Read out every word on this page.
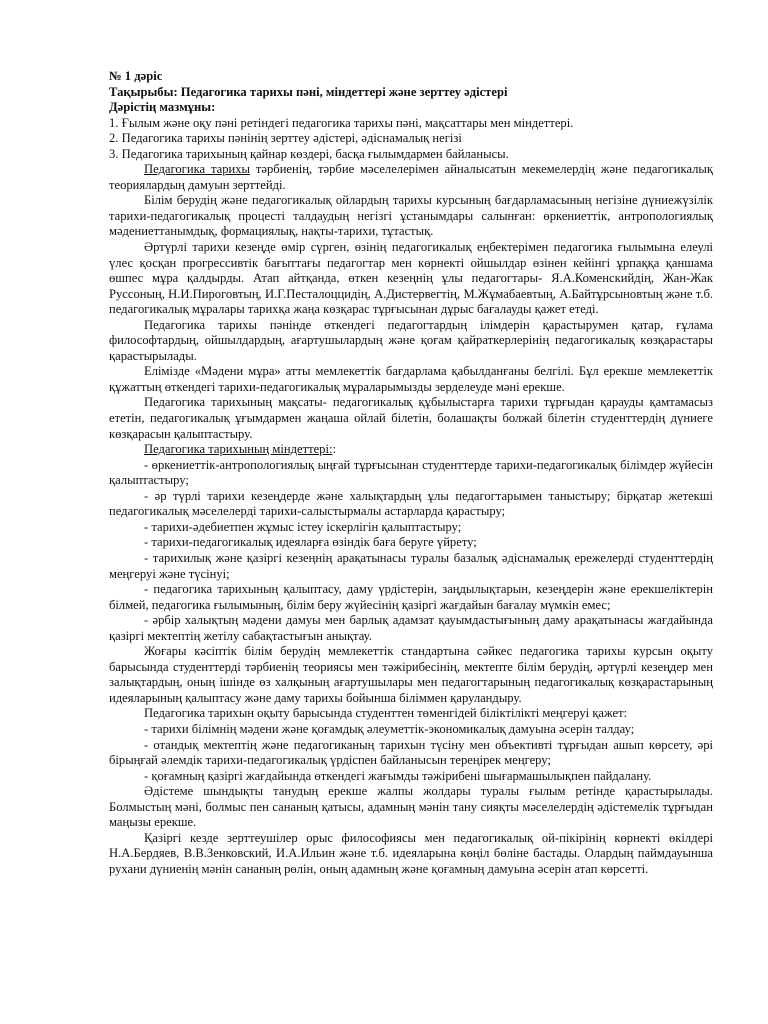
№ 1 дәріс

Тақырыбы: Педагогика тарихы пәні, міндеттері және зерттеу әдістері

Дәрістің мазмұны:

1. Ғылым және оқу пәні ретіндегі педагогика тарихы пәні, мақсаттары мен міндеттері.

2. Педагогика тарихы пәнінің зерттеу әдістері, әдіснамалық негізі

3. Педагогика тарихының қайнар көздері, басқа ғылымдармен байланысы.

Педагогика тарихы тәрбиенің, тәрбие мәселелерімен айналысатын мекемелердің және педагогикалық теориялардың дамуын зерттейді.

Білім берудің және педагогикалық ойлардың тарихы курсының бағдарламасының негізіне дүниежүзілік тарихи-педагогикалық процесті талдаудың негізгі ұстанымдары салынған: өркениеттік, антропологиялық мәдениеттанымдық, формациялық, нақты-тарихи, тұтастық.

Әртүрлі тарихи кезеңде өмір сүрген, өзінің педагогикалық еңбектерімен педагогика ғылымына елеулі үлес қосқан прогрессивтік бағыттағы педагогтар мен көрнекті ойшылдар өзінен кейінгі ұрпаққа қаншама өшпес мұра қалдырды. Атап айтқанда, өткен кезеңнің ұлы педагогтары- Я.А.Коменскийдің, Жан-Жак Руссоның, Н.И.Пироговтың, И.Г.Песталоццидің, А.Дистервегтің, М.Жұмабаевтың, А.Байтұрсыновтың және т.б. педагогикалық мұралары тарихқа жаңа көзқарас тұрғысынан дұрыс бағалауды қажет етеді.

Педагогика тарихы пәнінде өткендегі педагогтардың ілімдерін қарастырумен қатар, ғұлама философтардың, ойшылдардың, ағартушылардың және қоғам қайраткерлерінің педагогикалық көзқарастары қарастырылады.

Елімізде «Мәдени мұра» атты мемлекеттік бағдарлама қабылданғаны белгілі. Бұл ерекше мемлекеттік құжаттың өткендегі тарихи-педагогикалық мұраларымызды зерделеуде мәні ерекше.

Педагогика тарихының мақсаты- педагогикалық құбылыстарға тарихи тұрғыдан қарауды қамтамасыз ететін, педагогикалық ұғымдармен жаңаша ойлай білетін, болашақты болжай білетін студенттердің дүниеге көзқарасын қалыптастыру.

Педагогика тарихының міндеттері::

- өркениеттік-антропологиялық ыңғай тұрғысынан студенттерде тарихи-педагогикалық білімдер жүйесін қалыптастыру;

- әр түрлі тарихи кезеңдерде және халықтардың ұлы педагогтарымен таныстыру; бірқатар жетекші педагогикалық мәселелерді тарихи-салыстырмалы астарларда қарастыру;

- тарихи-әдебиетпен жұмыс істеу іскерлігін қалыптастыру;

- тарихи-педагогикалық идеяларға өзіндік баға беруге үйрету;

- тарихилық және қазіргі кезеңнің арақатынасы туралы базалық әдіснамалық ережелерді студенттердің меңгеруі және түсінуі;

- педагогика тарихының қалыптасу, даму үрдістерін, заңдылықтарын, кезеңдерін және ерекшеліктерін білмей, педагогика ғылымының, білім беру жүйесінің қазіргі жағдайын бағалау мүмкін емес;

- әрбір халықтың мәдени дамуы мен барлық адамзат қауымдастығының даму арақатынасы жағдайында қазіргі мектептің жетілу сабақтастығын анықтау.

Жоғары кәсіптік білім берудің мемлекеттік стандартына сәйкес педагогика тарихы курсын оқыту барысында студенттерді тәрбиенің теориясы мен тәжірибесінің, мектепте білім берудің, әртүрлі кезеңдер мен залықтардың, оның ішінде өз халқының ағартушылары мен педагогтарының педагогикалық көзқарастарының идеяларының қалыптасу және даму тарихы бойынша біліммен қаруландыру.

Педагогика тарихын оқыту барысында студенттен төменгідей біліктілікті меңгеруі қажет:

- тарихи білімнің мәдени және қоғамдық әлеуметтік-экономикалық дамуына әсерін талдау;

- отандық мектептің және педагогиканың тарихын түсіну мен объективті тұрғыдан ашып көрсету, әрі бірыңғай әлемдік тарихи-педагогикалық үрдіспен байланысын тереңірек меңгеру;

- қоғамның қазіргі жағдайында өткендегі жағымды тәжірибені шығармашылықпен пайдалану.

Әдістеме шындықты танудың ерекше жалпы жолдары туралы ғылым ретінде қарастырылады. Болмыстың мәні, болмыс пен сананың қатысы, адамның мәнін тану сияқты мәселелердің әдістемелік тұрғыдан маңызы ерекше.

Қазіргі кезде зерттеушілер орыс философиясы мен педагогикалық ой-пікірінің көрнекті өкілдері Н.А.Бердяев, В.В.Зенковский, И.А.Ильин және т.б. идеяларына көңіл бөліне бастады. Олардың паймдауынша рухани дүниенің мәнін сананың рөлін, оның адамның және қоғамның дамуына әсерін атап көрсетті.
